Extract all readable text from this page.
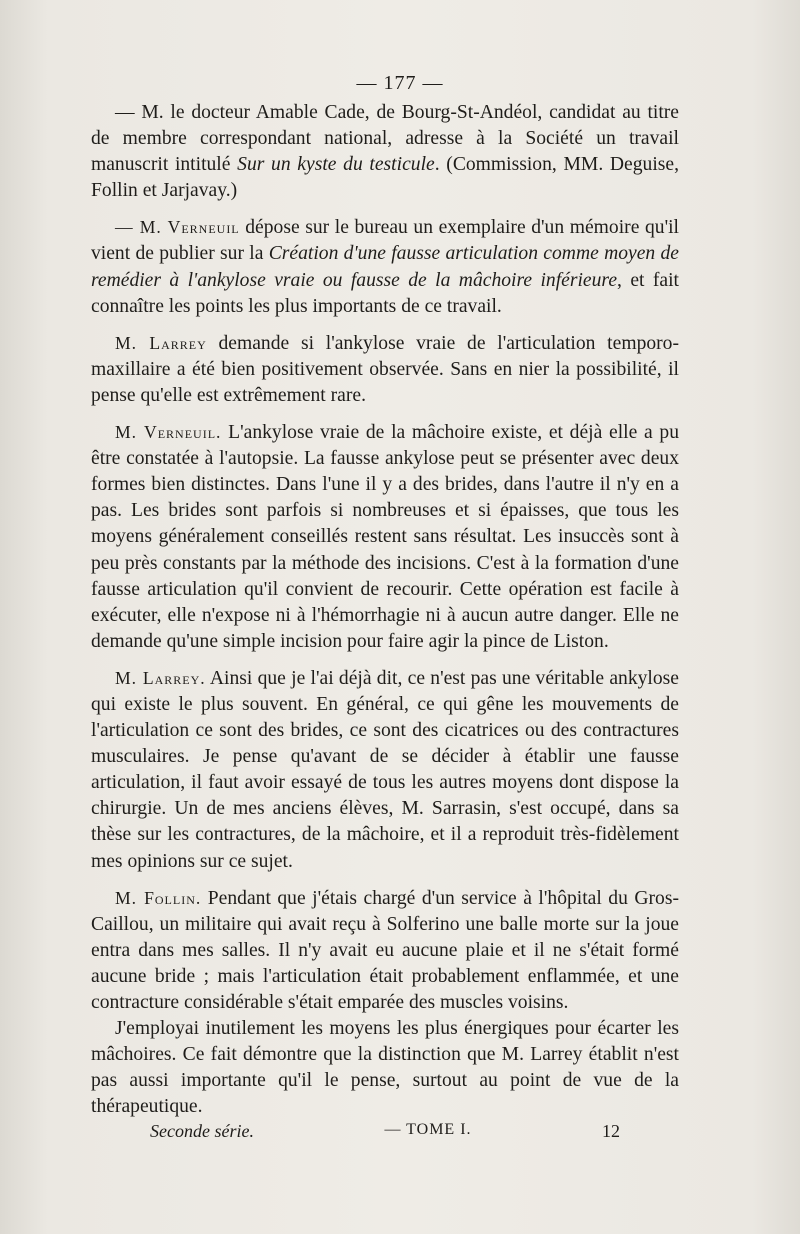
— 177 —

— M. le docteur Amable Cade, de Bourg-St-Andéol, candidat au titre de membre correspondant national, adresse à la Société un travail manuscrit intitulé Sur un kyste du testicule. (Commission, MM. Deguise, Follin et Jarjavay.)

— M. Verneuil dépose sur le bureau un exemplaire d'un mémoire qu'il vient de publier sur la Création d'une fausse articulation comme moyen de remédier à l'ankylose vraie ou fausse de la mâchoire inférieure, et fait connaître les points les plus importants de ce travail.

M. Larrey demande si l'ankylose vraie de l'articulation temporo-maxillaire a été bien positivement observée. Sans en nier la possibilité, il pense qu'elle est extrêmement rare.

M. Verneuil. L'ankylose vraie de la mâchoire existe, et déjà elle a pu être constatée à l'autopsie. La fausse ankylose peut se présenter avec deux formes bien distinctes. Dans l'une il y a des brides, dans l'autre il n'y en a pas. Les brides sont parfois si nombreuses et si épaisses, que tous les moyens généralement conseillés restent sans résultat. Les insuccès sont à peu près constants par la méthode des incisions. C'est à la formation d'une fausse articulation qu'il convient de recourir. Cette opération est facile à exécuter, elle n'expose ni à l'hémorrhagie ni à aucun autre danger. Elle ne demande qu'une simple incision pour faire agir la pince de Liston.

M. Larrey. Ainsi que je l'ai déjà dit, ce n'est pas une véritable ankylose qui existe le plus souvent. En général, ce qui gêne les mouvements de l'articulation ce sont des brides, ce sont des cicatrices ou des contractures musculaires. Je pense qu'avant de se décider à établir une fausse articulation, il faut avoir essayé de tous les autres moyens dont dispose la chirurgie. Un de mes anciens élèves, M. Sarrasin, s'est occupé, dans sa thèse sur les contractures, de la mâchoire, et il a reproduit très-fidèlement mes opinions sur ce sujet.

M. Follin. Pendant que j'étais chargé d'un service à l'hôpital du Gros-Caillou, un militaire qui avait reçu à Solferino une balle morte sur la joue entra dans mes salles. Il n'y avait eu aucune plaie et il ne s'était formé aucune bride ; mais l'articulation était probablement enflammée, et une contracture considérable s'était emparée des muscles voisins.

J'employai inutilement les moyens les plus énergiques pour écarter les mâchoires. Ce fait démontre que la distinction que M. Larrey établit n'est pas aussi importante qu'il le pense, surtout au point de vue de la thérapeutique.

Seconde série.	— TOME I.	12
